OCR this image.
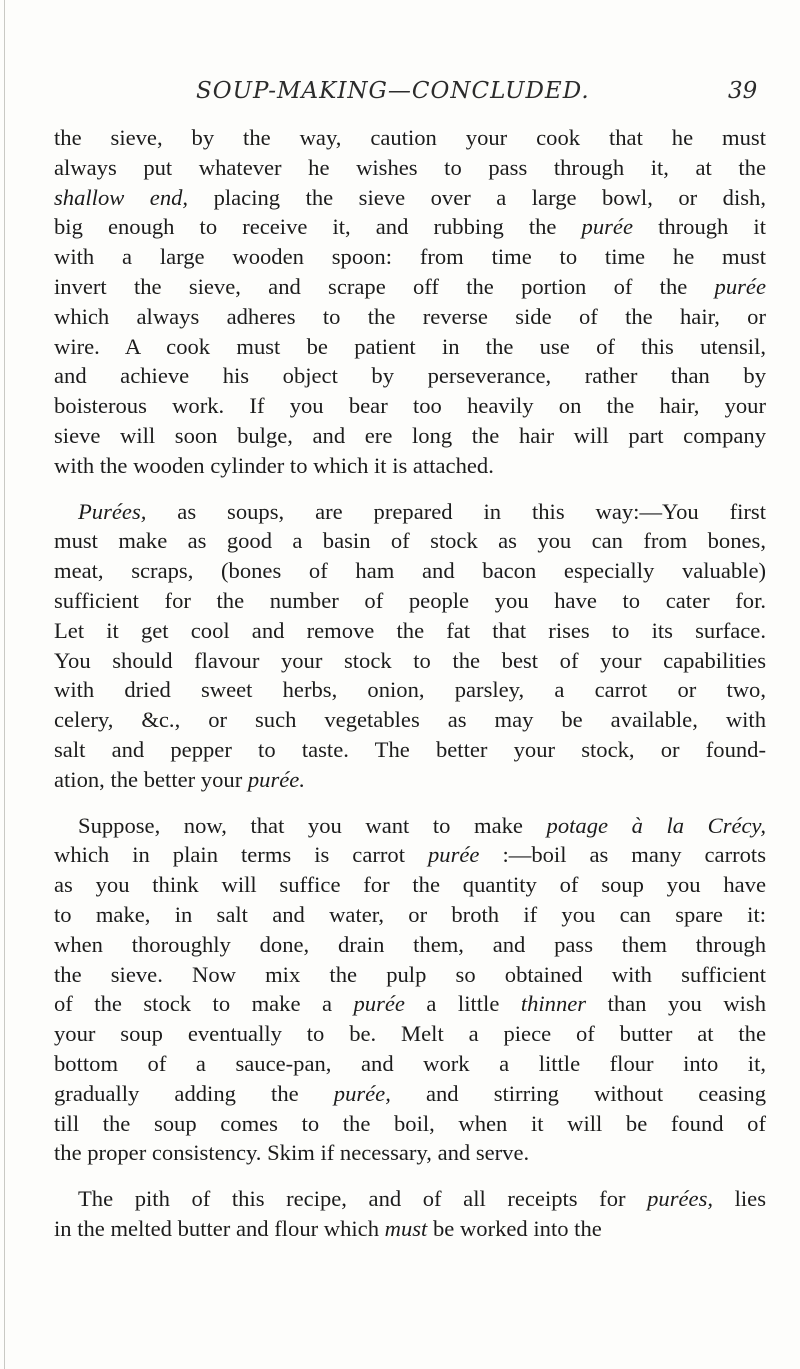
SOUP-MAKING—CONCLUDED.	39
the sieve, by the way, caution your cook that he must
always put whatever he wishes to pass through it, at the
shallow end, placing the sieve over a large bowl, or dish,
big enough to receive it, and rubbing the purée through it
with a large wooden spoon: from time to time he must
invert the sieve, and scrape off the portion of the purée
which always adheres to the reverse side of the hair, or
wire. A cook must be patient in the use of this utensil,
and achieve his object by perseverance, rather than by
boisterous work. If you bear too heavily on the hair, your
sieve will soon bulge, and ere long the hair will part company
with the wooden cylinder to which it is attached.
Purées, as soups, are prepared in this way:—You first
must make as good a basin of stock as you can from bones,
meat, scraps, (bones of ham and bacon especially valuable)
sufficient for the number of people you have to cater for.
Let it get cool and remove the fat that rises to its surface.
You should flavour your stock to the best of your capabilities
with dried sweet herbs, onion, parsley, a carrot or two,
celery, &c., or such vegetables as may be available, with
salt and pepper to taste. The better your stock, or found-
ation, the better your purée.
Suppose, now, that you want to make potage à la Crécy,
which in plain terms is carrot purée :—boil as many carrots
as you think will suffice for the quantity of soup you have
to make, in salt and water, or broth if you can spare it:
when thoroughly done, drain them, and pass them through
the sieve. Now mix the pulp so obtained with sufficient
of the stock to make a purée a little thinner than you wish
your soup eventually to be. Melt a piece of butter at the
bottom of a sauce-pan, and work a little flour into it,
gradually adding the purée, and stirring without ceasing
till the soup comes to the boil, when it will be found of
the proper consistency. Skim if necessary, and serve.
The pith of this recipe, and of all receipts for purées, lies
in the melted butter and flour which must be worked into the
